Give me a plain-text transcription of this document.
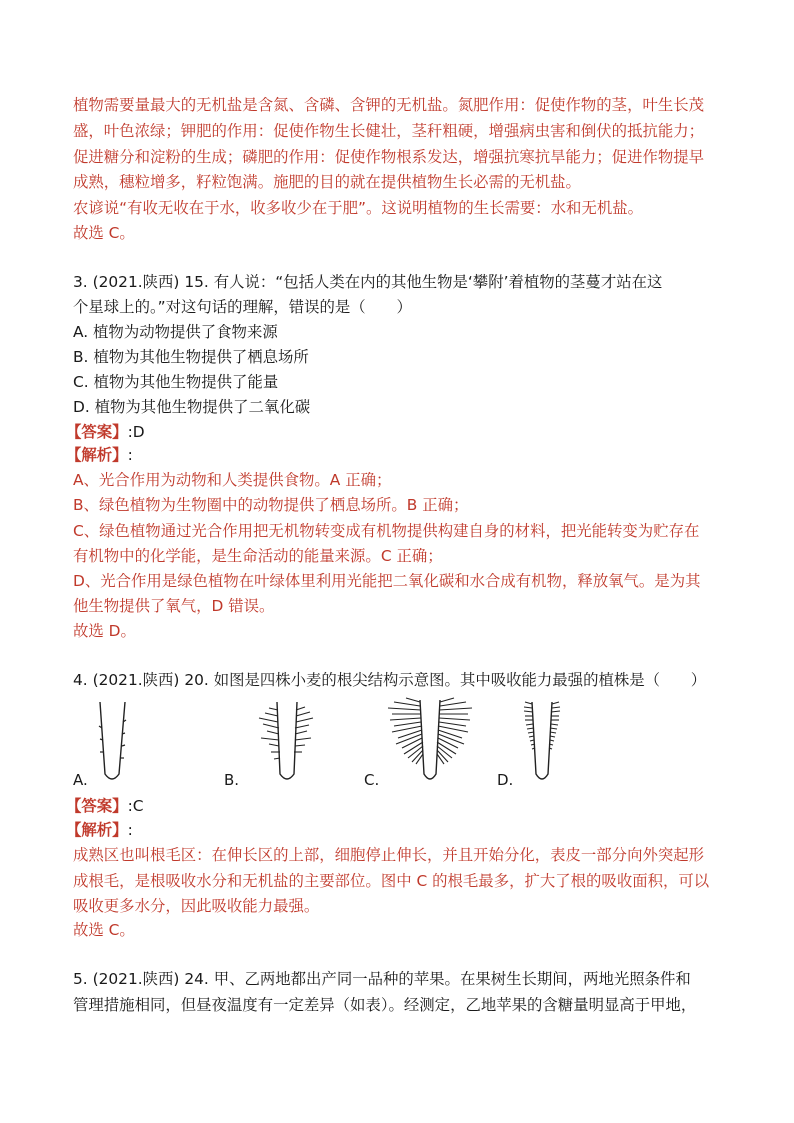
植物需要量最大的无机盐是含氮、含磷、含钾的无机盐。氮肥作用：促使作物的茎，叶生长茂
盛，叶色浓绿；钾肥的作用：促使作物生长健壮，茎秆粗硬，增强病虫害和倒伏的抵抗能力；
促进糖分和淀粉的生成；磷肥的作用：促使作物根系发达，增强抗寒抗旱能力；促进作物提早
成熟，穗粒增多，籽粒饱满。施肥的目的就在提供植物生长必需的无机盐。
农谚说“有收无收在于水，收多收少在于肥”。这说明植物的生长需要：水和无机盐。
故选 C。
3. (2021.陕西) 15. 有人说：“包括人类在内的其他生物是‘攀附’着植物的茎蔓才站在这
个星球上的。”对这句话的理解，错误的是（　　）
A. 植物为动物提供了食物来源
B. 植物为其他生物提供了栖息场所
C. 植物为其他生物提供了能量
D. 植物为其他生物提供了二氧化碳
【答案】:D
【解析】:
A、光合作用为动物和人类提供食物。A 正确；
B、绿色植物为生物圈中的动物提供了栖息场所。B 正确；
C、绿色植物通过光合作用把无机物转变成有机物提供构建自身的材料，把光能转变为贮存在
有机物中的化学能，是生命活动的能量来源。C 正确；
D、光合作用是绿色植物在叶绿体里利用光能把二氧化碳和水合成有机物，释放氧气。是为其
他生物提供了氧气，D 错误。
故选 D。
4. (2021.陕西) 20. 如图是四株小麦的根尖结构示意图。其中吸收能力最强的植株是（　　）
A.	B.	C.	D.
【答案】:C
【解析】:
成熟区也叫根毛区：在伸长区的上部，细胞停止伸长，并且开始分化，表皮一部分向外突起形
成根毛，是根吸收水分和无机盐的主要部位。图中 C 的根毛最多，扩大了根的吸收面积，可以
吸收更多水分，因此吸收能力最强。
故选 C。
5. (2021.陕西) 24. 甲、乙两地都出产同一品种的苹果。在果树生长期间，两地光照条件和
管理措施相同，但昼夜温度有一定差异（如表）。经测定，乙地苹果的含糖量明显高于甲地，
